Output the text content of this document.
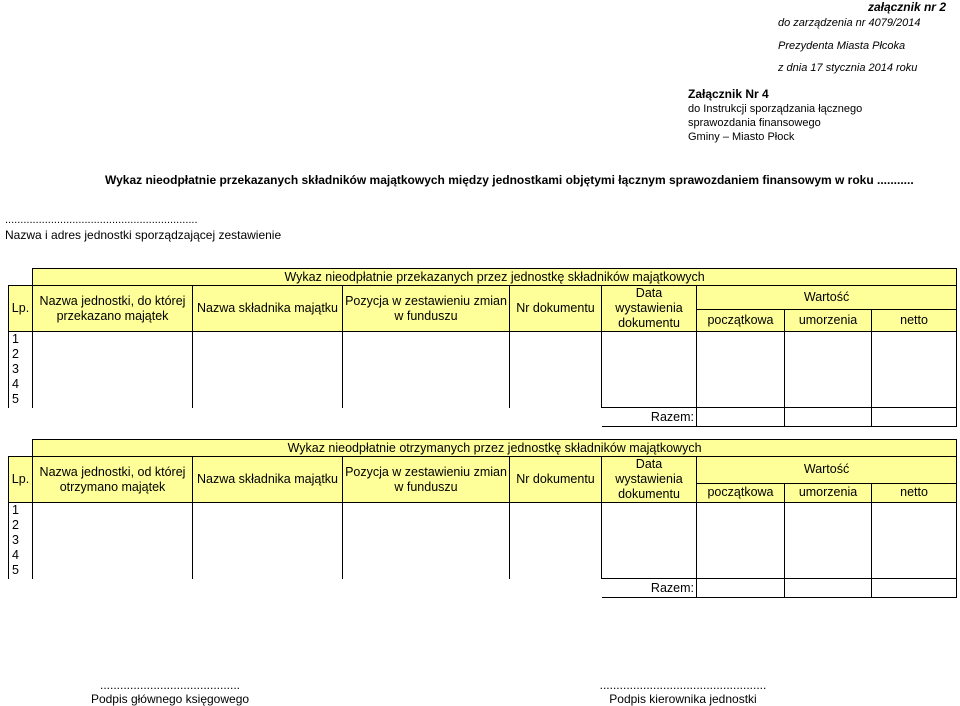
załącznik nr 2
do zarządzenia nr 4079/2014
Prezydenta Miasta Płcoka
z dnia 17 stycznia 2014 roku
Załącznik Nr 4
do Instrukcji sporządzania łącznego
sprawozdania finansowego
Gminy – Miasto Płock
Wykaz nieodpłatnie przekazanych składników majątkowych między jednostkami objętymi łącznym sprawozdaniem finansowym w roku ...........
...............................................................
Nazwa i adres jednostki sporządzającej zestawienie
	Wykaz nieodpłatnie przekazanych przez jednostkę składników majątkowych							
Lp.	Nazwa jednostki, do której przekazano majątek	Nazwa składnika majątku	Pozycja w zestawieniu zmian w funduszu	Nr dokumentu	Data wystawienia dokumentu	Wartość		
						początkowa	umorzenia	netto
1								
2								
3								
4								
5								
					Razem:			
	Wykaz nieodpłatnie otrzymanych przez jednostkę składników majątkowych							
Lp.	Nazwa jednostki, od której otrzymano majątek	Nazwa składnika majątku	Pozycja w zestawieniu zmian w funduszu	Nr dokumentu	Data wystawienia dokumentu	Wartość		
						początkowa	umorzenia	netto
1								
2								
3								
4								
5								
					Razem:			
..........................................
Podpis głównego księgowego
..................................................
Podpis kierownika jednostki
